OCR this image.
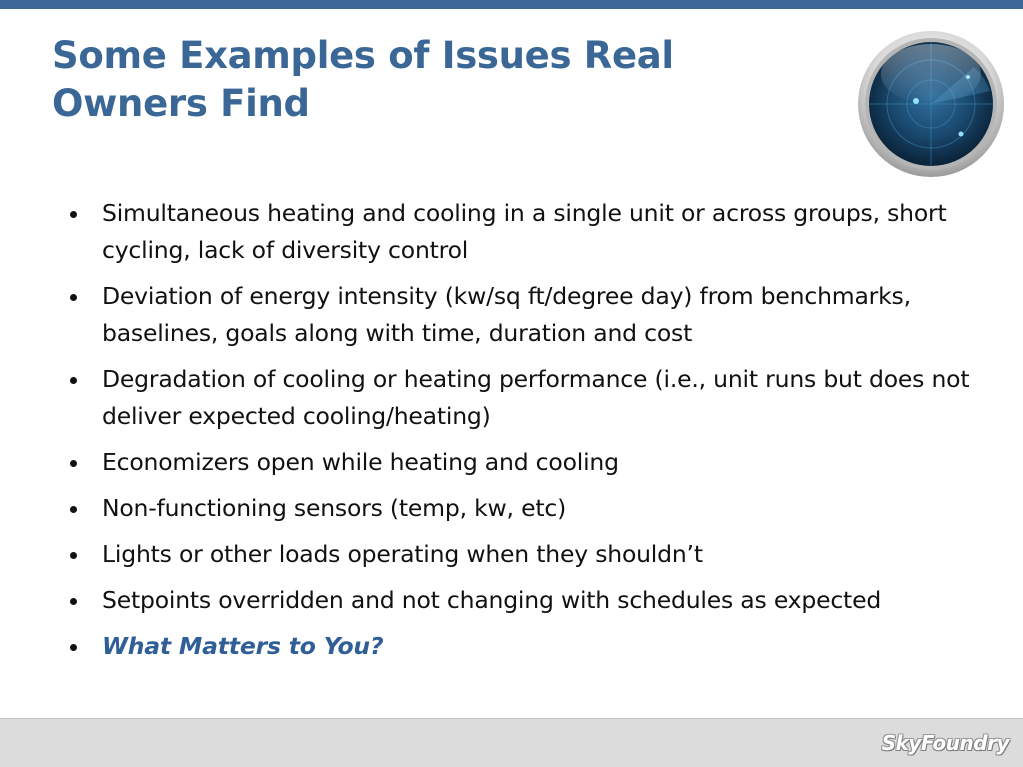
Some Examples of Issues Real
Owners Find
Simultaneous heating and cooling in a single unit or across groups, short cycling, lack of diversity control
Deviation of energy intensity (kw/sq ft/degree day) from benchmarks, baselines, goals along with time, duration and cost
Degradation of cooling or heating performance (i.e., unit runs but does not deliver expected cooling/heating)
Economizers open while heating and cooling
Non-functioning sensors (temp, kw, etc)
Lights or other loads operating when they shouldn’t
Setpoints overridden and not changing with schedules as expected
What Matters to You?
SkyFoundry
